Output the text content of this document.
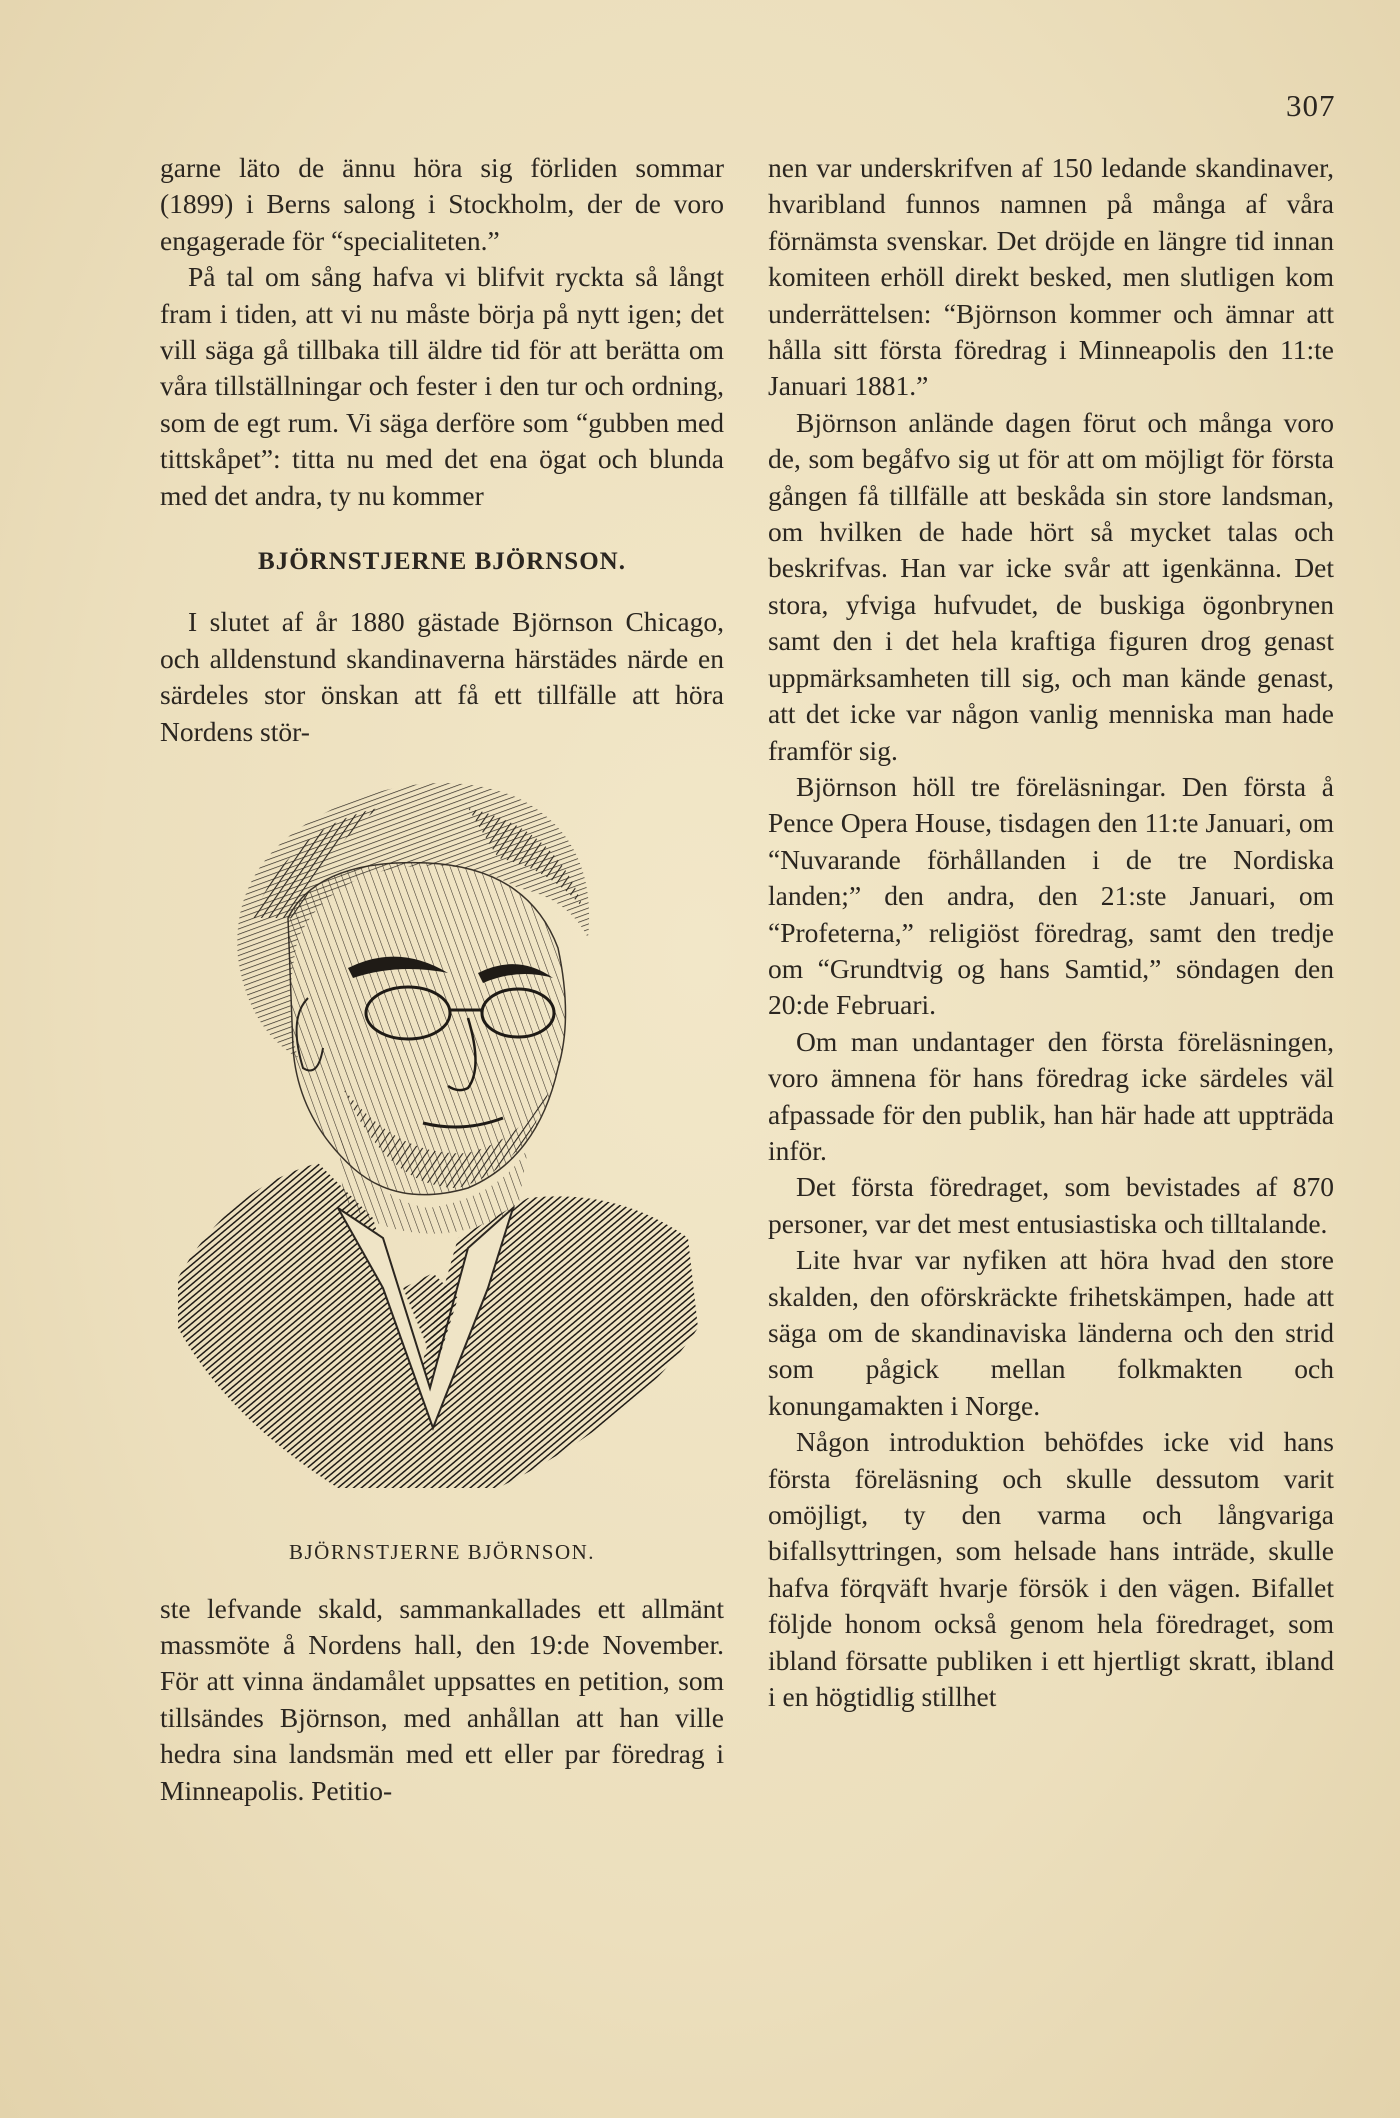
307

garne läto de ännu höra sig förliden sommar (1899) i Berns salong i Stockholm, der de voro engagerade för “specialiteten.”

På tal om sång hafva vi blifvit ryckta så långt fram i tiden, att vi nu måste börja på nytt igen; det vill säga gå tillbaka till äldre tid för att berätta om våra tillställningar och fester i den tur och ordning, som de egt rum. Vi säga derföre som “gubben med tittskåpet”: titta nu med det ena ögat och blunda med det andra, ty nu kommer

BJÖRNSTJERNE BJÖRNSON.

I slutet af år 1880 gästade Björnson Chicago, och alldenstund skandinaverna härstädes närde en särdeles stor önskan att få ett tillfälle att höra Nordens stör-

BJÖRNSTJERNE BJÖRNSON.

ste lefvande skald, sammankallades ett allmänt massmöte å Nordens hall, den 19:de November. För att vinna ändamålet uppsattes en petition, som tillsändes Björnson, med anhållan att han ville hedra sina landsmän med ett eller par föredrag i Minneapolis. Petitio-

nen var underskrifven af 150 ledande skandinaver, hvaribland funnos namnen på många af våra förnämsta svenskar. Det dröjde en längre tid innan komiteen erhöll direkt besked, men slutligen kom underrättelsen: “Björnson kommer och ämnar att hålla sitt första föredrag i Minneapolis den 11:te Januari 1881.”

Björnson anlände dagen förut och många voro de, som begåfvo sig ut för att om möjligt för första gången få tillfälle att beskåda sin store landsman, om hvilken de hade hört så mycket talas och beskrifvas. Han var icke svår att igenkänna. Det stora, yfviga hufvudet, de buskiga ögonbrynen samt den i det hela kraftiga figuren drog genast uppmärksamheten till sig, och man kände genast, att det icke var någon vanlig menniska man hade framför sig.

Björnson höll tre föreläsningar. Den första å Pence Opera House, tisdagen den 11:te Januari, om “Nuvarande förhållanden i de tre Nordiska landen;” den andra, den 21:ste Januari, om “Profeterna,” religiöst föredrag, samt den tredje om “Grundtvig og hans Samtid,” söndagen den 20:de Februari.

Om man undantager den första föreläsningen, voro ämnena för hans föredrag icke särdeles väl afpassade för den publik, han här hade att uppträda inför.

Det första föredraget, som bevistades af 870 personer, var det mest entusiastiska och tilltalande.

Lite hvar var nyfiken att höra hvad den store skalden, den oförskräckte frihetskämpen, hade att säga om de skandinaviska länderna och den strid som pågick mellan folkmakten och konungamakten i Norge.

Någon introduktion behöfdes icke vid hans första föreläsning och skulle dessutom varit omöjligt, ty den varma och långvariga bifallsyttringen, som helsade hans inträde, skulle hafva förqväft hvarje försök i den vägen. Bifallet följde honom också genom hela föredraget, som ibland försatte publiken i ett hjertligt skratt, ibland i en högtidlig stillhet
